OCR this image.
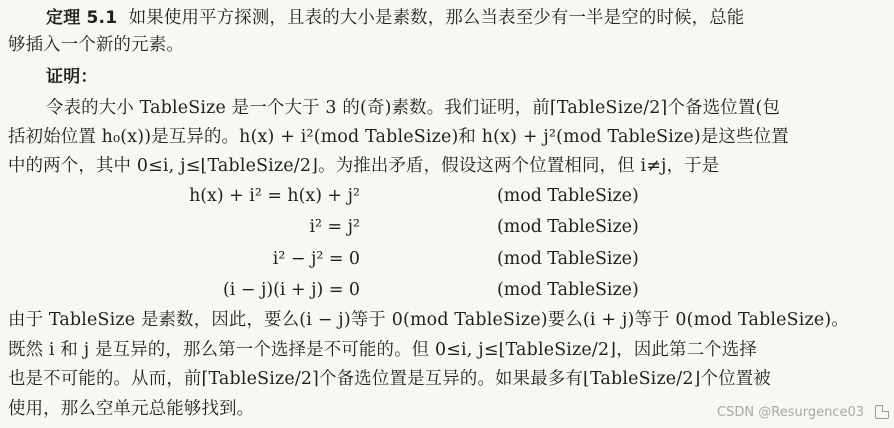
定理 5.1 如果使用平方探测，且表的大小是素数，那么当表至少有一半是空的时候，总能
够插入一个新的元素。
证明：
令表的大小 TableSize 是一个大于 3 的(奇)素数。我们证明，前⌈TableSize/2⌉个备选位置(包
括初始位置 h₀(x))是互异的。h(x) + i²(mod TableSize)和 h(x) + j²(mod TableSize)是这些位置
中的两个，其中 0≤i, j≤⌊TableSize/2⌋。为推出矛盾，假设这两个位置相同，但 i≠j，于是
h(x) + i² = h(x) + j²	(mod TableSize)
i² = j²	(mod TableSize)
i² − j² = 0	(mod TableSize)
(i − j)(i + j) = 0	(mod TableSize)
由于 TableSize 是素数，因此，要么(i − j)等于 0(mod TableSize)要么(i + j)等于 0(mod TableSize)。
既然 i 和 j 是互异的，那么第一个选择是不可能的。但 0≤i, j≤⌊TableSize/2⌋，因此第二个选择
也是不可能的。从而，前⌈TableSize/2⌉个备选位置是互异的。如果最多有⌊TableSize/2⌋个位置被
使用，那么空单元总能够找到。	CSDN @Resurgence03
